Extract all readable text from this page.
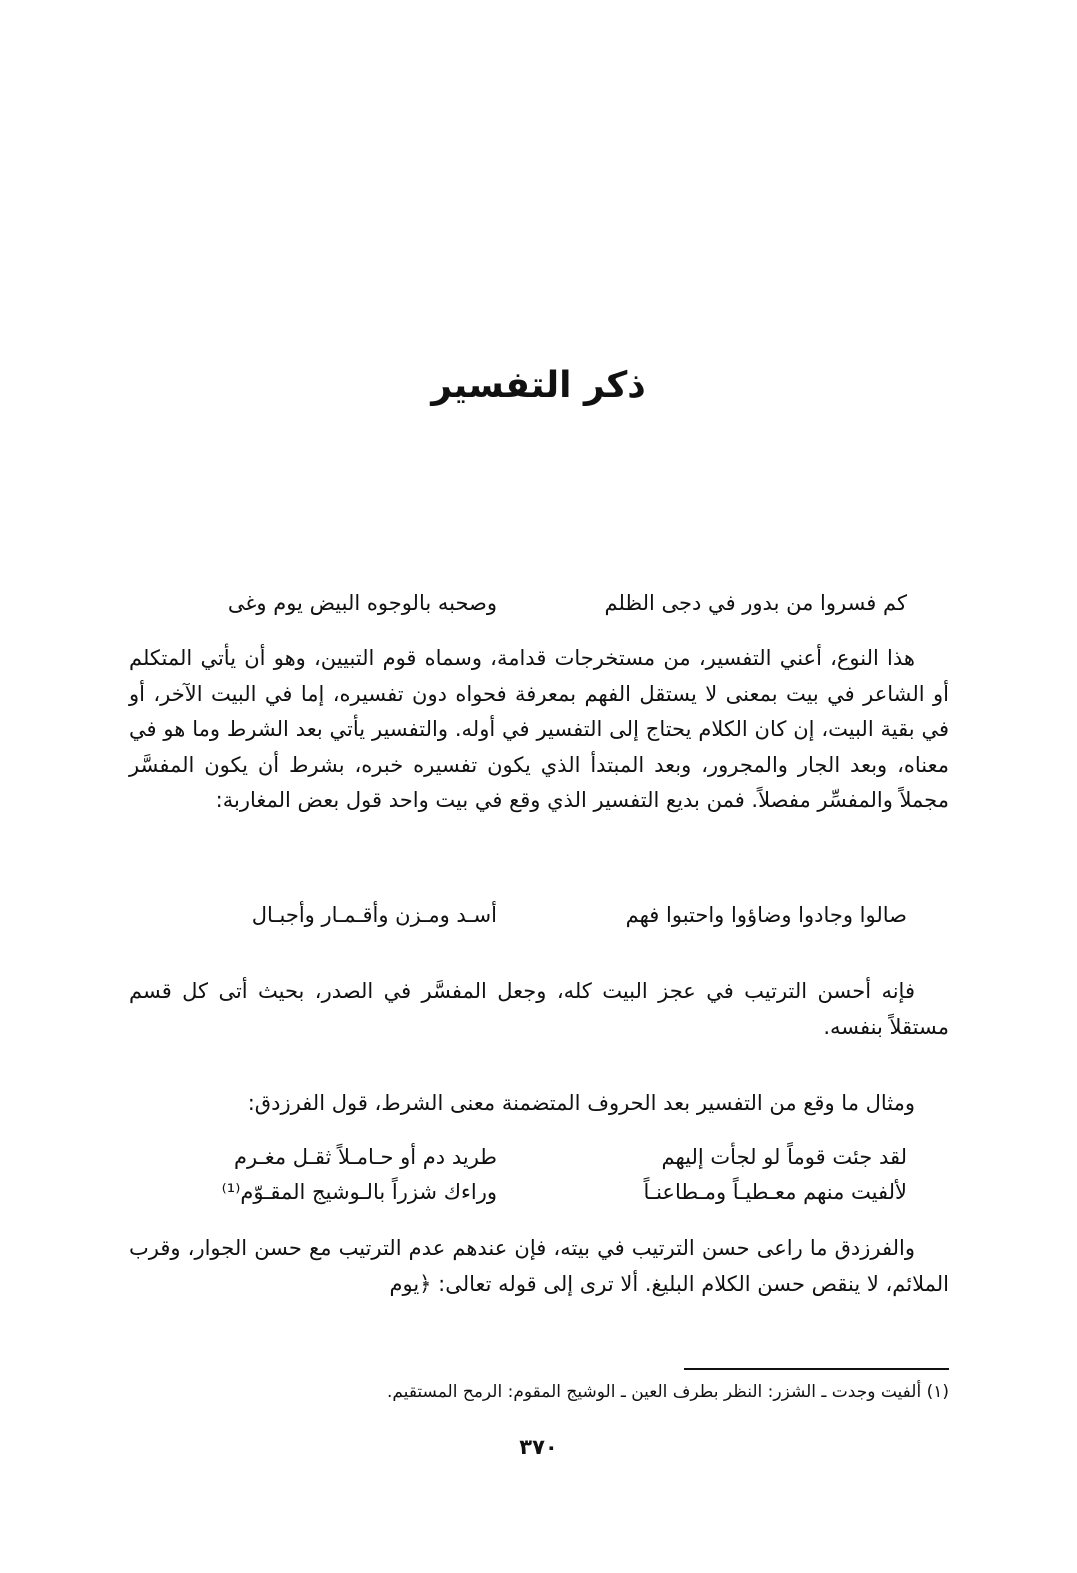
ذكر التفسير
كم فسروا من بدور في دجى الظلم
وصحبه بالوجوه البيض يوم وغى
هذا النوع، أعني التفسير، من مستخرجات قدامة، وسماه قوم التبيين، وهو أن يأتي المتكلم أو الشاعر في بيت بمعنى لا يستقل الفهم بمعرفة فحواه دون تفسيره، إما في البيت الآخر، أو في بقية البيت، إن كان الكلام يحتاج إلى التفسير في أوله. والتفسير يأتي بعد الشرط وما هو في معناه، وبعد الجار والمجرور، وبعد المبتدأ الذي يكون تفسيره خبره، بشرط أن يكون المفسَّر مجملاً والمفسِّر مفصلاً. فمن بديع التفسير الذي وقع في بيت واحد قول بعض المغاربة:
صالوا وجادوا وضاؤوا واحتبوا فهم
أسـد ومـزن وأقـمـار وأجبـال
فإنه أحسن الترتيب في عجز البيت كله، وجعل المفسَّر في الصدر، بحيث أتى كل قسم مستقلاً بنفسه.
ومثال ما وقع من التفسير بعد الحروف المتضمنة معنى الشرط، قول الفرزدق:
لقد جئت قوماً لو لجأت إليهم
طريد دم أو حـامـلاً ثقـل مغـرم
لألفيت منهم معـطيـاً ومـطاعنـاً
وراءك شزراً بالـوشيج المقـوّم⁽¹⁾
والفرزدق ما راعى حسن الترتيب في بيته، فإن عندهم عدم الترتيب مع حسن الجوار، وقرب الملائم، لا ينقص حسن الكلام البليغ. ألا ترى إلى قوله تعالى: ﴿يوم
(١) ألفيت وجدت ـ الشزر: النظر بطرف العين ـ الوشيج المقوم: الرمح المستقيم.
٣٧٠
